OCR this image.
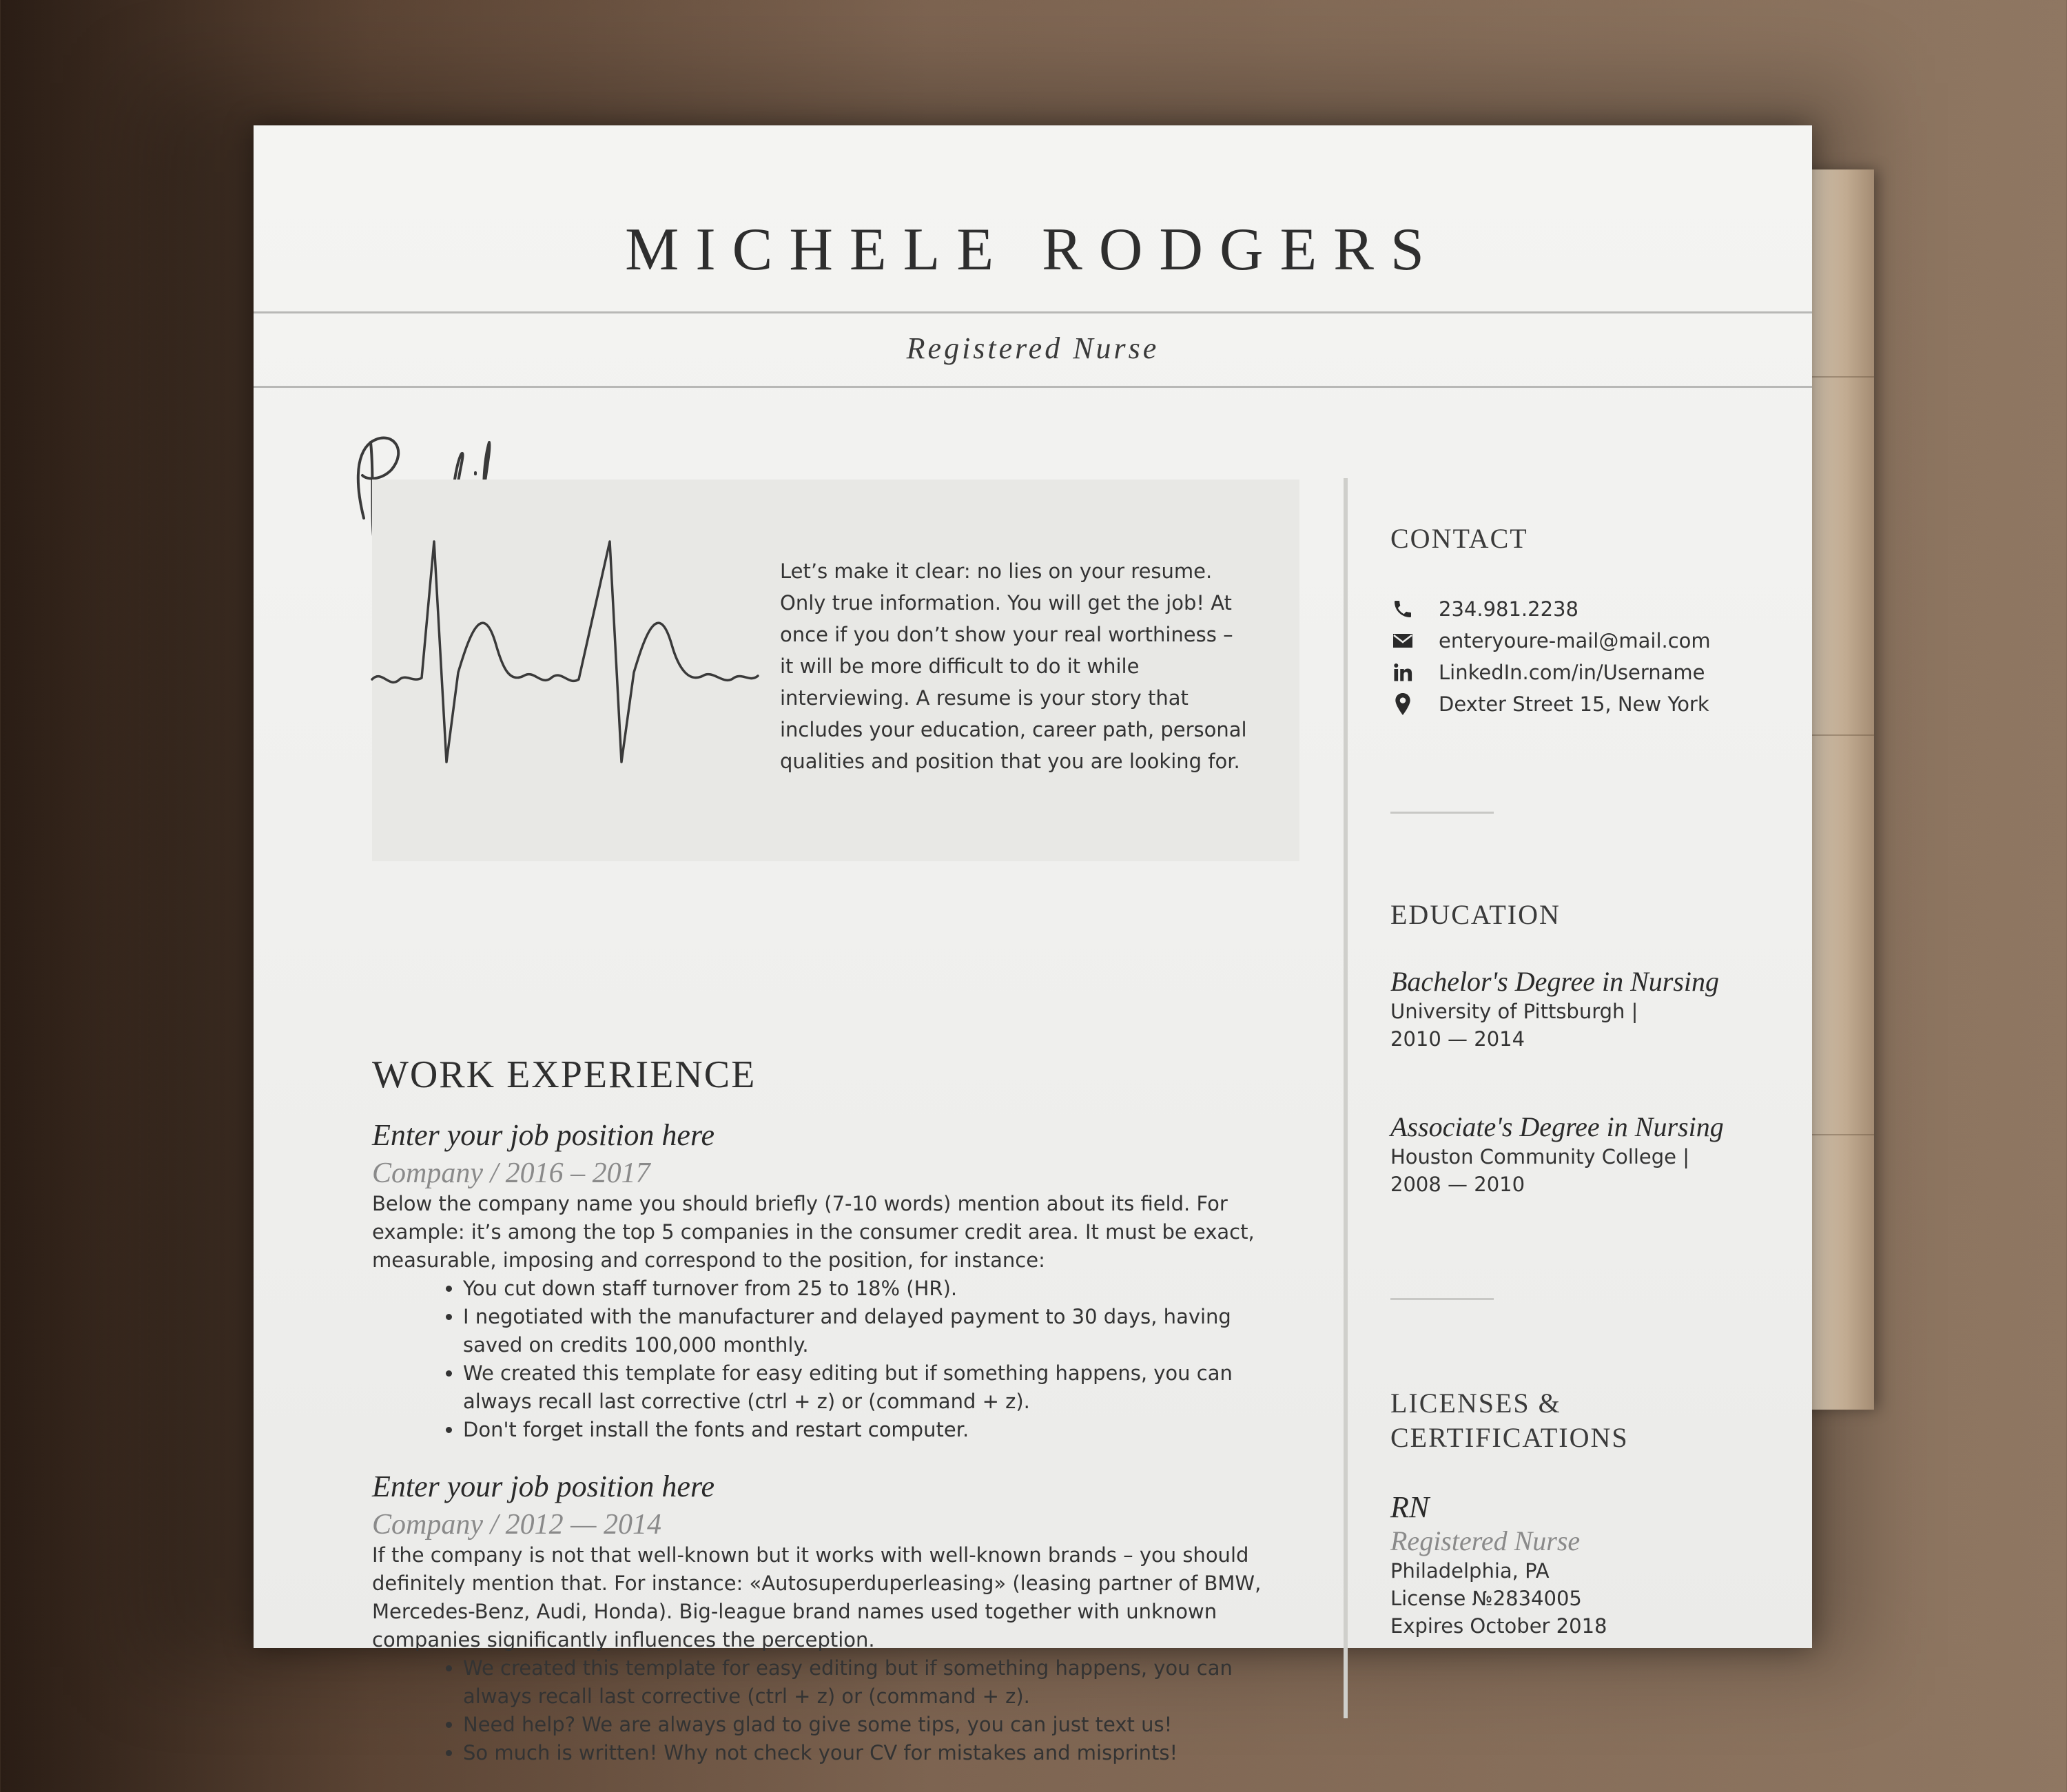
MICHELE RODGERS

Registered Nurse

Let’s make it clear: no lies on your resume. Only true information. You will get the job! At once if you don’t show your real worthiness – it will be more difficult to do it while interviewing. A resume is your story that includes your education, career path, personal qualities and position that you are looking for.

WORK EXPERIENCE

Enter your job position here

Company / 2016 – 2017

Below the company name you should briefly (7-10 words) mention about its field. For example: it’s among the top 5 companies in the consumer credit area. It must be exact, measurable, imposing and correspond to the position, for instance:

• You cut down staff turnover from 25 to 18% (HR).
• I negotiated with the manufacturer and delayed payment to 30 days, having saved on credits 100,000 monthly.
• We created this template for easy editing but if something happens, you can always recall last corrective (ctrl + z) or (command + z).
• Don't forget install the fonts and restart computer.

Enter your job position here

Company / 2012 — 2014

If the company is not that well-known but it works with well-known brands – you should definitely mention that. For instance: «Autosuperduperleasing» (leasing partner of BMW, Mercedes-Benz, Audi, Honda). Big-league brand names used together with unknown companies significantly influences the perception.

• We created this template for easy editing but if something happens, you can always recall last corrective (ctrl + z) or (command + z).
• Need help? We are always glad to give some tips, you can just text us!
• So much is written! Why not check your CV for mistakes and misprints!
CONTACT
234.981.2238
enteryoure-mail@mail.com
LinkedIn.com/in/Username
Dexter Street 15, New York
EDUCATION

Bachelor's Degree in Nursing

University of Pittsburgh |

2010 — 2014

Associate's Degree in Nursing

Houston Community College |

2008 — 2010

LICENSES &
CERTIFICATIONS

RN

Registered Nurse

Philadelphia, PA

License №2834005

Expires October 2018
